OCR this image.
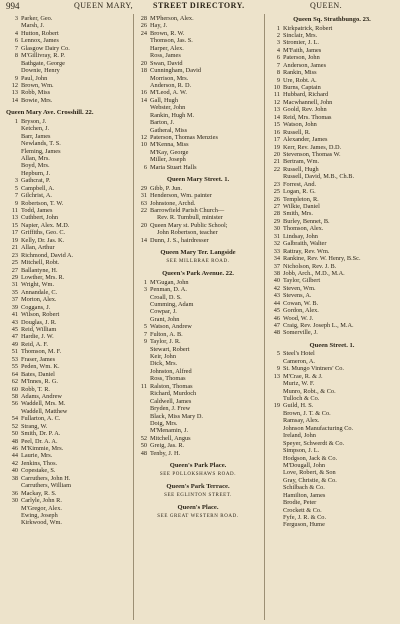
994	QUEEN MARY, STREET DIRECTORY.	QUEEN.
3 Parker, Geo.
Marsh, J.
4 Hutton, Robert
6 Lennox, James
7 Glasgow Dairy Co.
8 M'Gillivray, R. P.
Bathgate, George
Downie, Henry
9 Paul, John
12 Brown, Wm.
13 Robb, Miss
14 Bowie, Mrs.
Queen Mary Ave. Crosshill. 22.
1 Bryson, J.
Ketchen, J.
Barr, James
Newlands, T. S.
Fleming, James
Allan, Mrs.
Boyd, Mrs.
Hepburn, J.
3 Gathcrat, P.
5 Campbell, A.
7 Gilchrist, A.
9 Robertson, T. W.
11 Todd, James
13 Cuthbert, John
15 Napier, Alex. M.D.
17 Griffiths, Geo. C.
19 Kelly, Dr. Jas. K.
21 Allan, Arthur
23 Richmond, David A.
25 Mitchell, Robt.
27 Ballantyne, H.
29 Lowther, Mrs. R.
31 Wright, Wm.
35 Annandale, C.
37 Morton, Alex.
39 Coggans, J.
41 Wilson, Robert
43 Douglas, J. R.
45 Reid, William
47 Hardie, J. W.
49 Reid, A. F.
51 Thomson, M. F.
53 Fraser, James
55 Peden, Wm. K.
64 Bates, Daniel
62 M'Innes, R. G.
60 Robb, T. R.
58 Adams, Andrew
56 Waddell, Mrs. M.
Waddell, Matthew
54 Fullarton, A. C.
52 Strang, W.
50 Smith, Dr. P. A.
48 Peel, Dr. A. A.
46 M'Kimmie, Mrs.
44 Laurie, Mrs.
42 Jenkins, Thos.
40 Copestake, S.
38 Carruthers, John H.
Carruthers, William
36 Mackay, R. S.
30 Carlyle, John R.
M'Gregor, Alex.
Ewing, Joseph
Kirkwood, Wm.
28 M'Pherson, Alex.
26 Hay, J.
24 Brown, R. W.
Thomson, Jas. S.
Harper, Alex.
Ross, James
20 Swan, David
18 Cunningham, David
Morrison, Mrs.
Anderson, R. D.
16 M'Leod, A. W.
14 Gall, Hugh
Webster, John
Rankin, Hugh M.
Barton, J.
Gatheral, Miss
12 Paterson, Thomas Menzies
10 M'Kenna, Miss
M'Kay, George
Miller, Joseph
6 Maria Stuart Halls
Queen Mary Street. 1.
29 Gibb, P. Jun.
31 Henderson, Wm. painter
63 Johnstone, Archd.
22 Barrowfield Parish Church—
Rev. R. Turnbull, minister
20 Queen Mary st. Public School;
John Robertson, teacher
14 Dunn, J. S., hairdresser
Queen Mary Ter. Langside
SEE MILLBRAE ROAD.
Queen's Park Avenue. 22.
1 M'Gugan, John
3 Penman, D. A.
Croall, D. S.
Cumming, Adam
Cowpar, J.
Grant, John
5 Watson, Andrew
7 Fulton, A. B.
9 Taylor, J. R.
Stewart, Robert
Keir, John
Dick, Mrs.
Johnston, Alfred
Ross, Thomas
11 Ralston, Thomas
Richard, Murdoch
Caldwell, James
Bryden, J. Frew
Black, Miss Mary D.
Doig, Mrs.
M'Menamin, J.
52 Mitchell, Angus
50 Greig, Jas. R.
48 Tenby, J. H.
Queen's Park Place.
SEE POLLOKSHAWS ROAD.
Queen's Park Terrace.
SEE EGLINTON STREET.
Queen's Place.
SEE GREAT WESTERN ROAD.
Queen Sq. Strathbungo. 23.
1 Kirkpatrick, Robert
2 Sinclair, Mrs.
3 Stromier, J. L.
4 M'Faith, James
6 Paterson, John
7 Anderson, James
8 Rankin, Miss
9 Ure, Robt. A.
10 Burns, Captain
11 Hubbard, Richard
12 Macwhannell, John
13 Goold, Rev. John
14 Reid, Mrs. Thomas
15 Watson, John
16 Russell, R.
17 Alexander, James
19 Kerr, Rev. James, D.D.
20 Stevenson, Thomas W.
21 Bertram, Wm.
22 Russell, Hugh
Russell, David, M.B., Ch.B.
23 Forrest, And.
25 Logan, R. G.
26 Templeton, R.
27 Wilkie, Daniel
28 Smith, Mrs.
29 Burley, Bennet, B.
30 Thomson, Alex.
31 Lindsay, John
32 Galbraith, Walter
33 Rattray, Rev. Wm.
34 Rankine, Rev. W. Henry, B.Sc.
37 Nicholson, Rev. J. B.
38 Jobb, Arch., M.D., M.A.
40 Taylor, Gilbert
42 Steven, Wm.
43 Stevens, A.
44 Cowan, W. B.
45 Gordon, Alex.
46 Wood, W. J.
47 Craig, Rev. Joseph L., M.A.
48 Somerville, J.
Queen Street. 1.
5 Steel's Hotel
Cameron, A.
9 St. Mungo Vintners' Co.
13 M'Crae, R. & J.
Muriz, W. F.
Munro, Robt., & Co.
Tulloch & Co.
19 Guild, H. S.
Brown, J. T. & Co.
Ramsay, Alex.
Johnson Manufacturing Co.
Ireland, John
Speyer, Schwerdt & Co.
Simpson, J. L.
Hodgson, Jack & Co.
M'Dougall, John
Love, Robert, & Son
Gray, Christie, & Co.
Schilbach & Co.
Hamilton, James
Brodie, Peter
Crockett & Co.
Fyfe, J. R. & Co.
Ferguson, Hume
